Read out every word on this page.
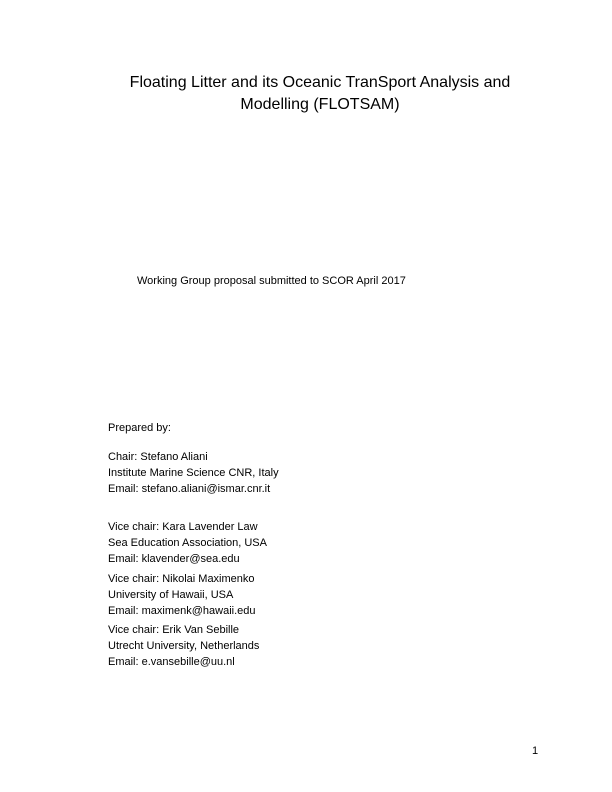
Floating Litter and its Oceanic TranSport Analysis and
Modelling (FLOTSAM)
Working Group proposal submitted to SCOR April 2017
Prepared by:
Chair: Stefano Aliani
Institute Marine Science CNR, Italy
Email: stefano.aliani@ismar.cnr.it
Vice chair: Kara Lavender Law
Sea Education Association, USA
Email: klavender@sea.edu
Vice chair: Nikolai Maximenko
University of Hawaii, USA
Email: maximenk@hawaii.edu
Vice chair: Erik Van Sebille
Utrecht University, Netherlands
Email: e.vansebille@uu.nl
1
